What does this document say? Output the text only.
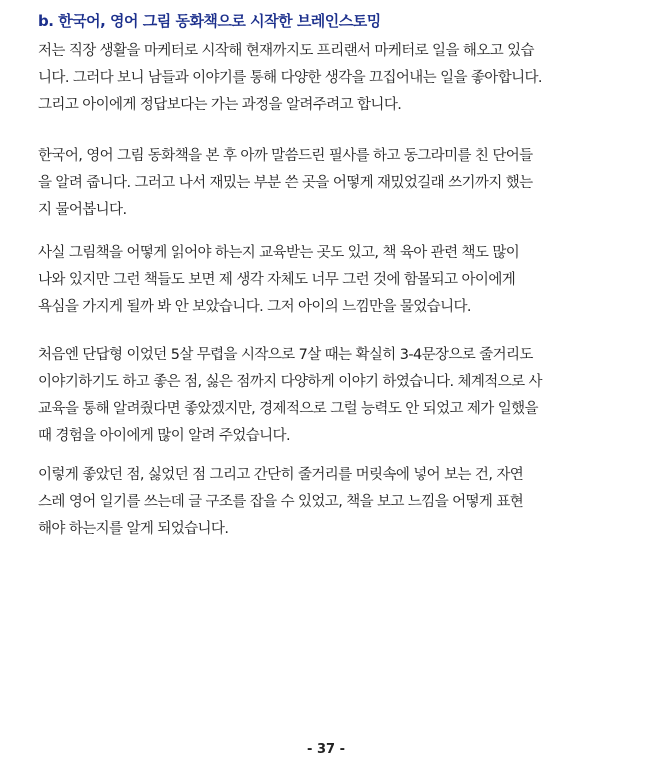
b. 한국어, 영어 그림 동화책으로 시작한 브레인스토밍
저는 직장 생활을 마케터로 시작해 현재까지도 프리랜서 마케터로 일을 해오고 있습
니다. 그러다 보니 남들과 이야기를 통해 다양한 생각을 끄집어내는 일을 좋아합니다.
그리고 아이에게 정답보다는 가는 과정을 알려주려고 합니다.
한국어, 영어 그림 동화책을 본 후 아까 말씀드린 필사를 하고 동그라미를 친 단어들
을 알려 줍니다. 그러고 나서 재밌는 부분 쓴 곳을 어떻게 재밌었길래 쓰기까지 했는
지 물어봅니다.
사실 그림책을 어떻게 읽어야 하는지 교육받는 곳도 있고, 책 육아 관련 책도 많이
나와 있지만 그런 책들도 보면 제 생각 자체도 너무 그런 것에 함몰되고 아이에게
욕심을 가지게 될까 봐 안 보았습니다. 그저 아이의 느낌만을 물었습니다.
처음엔 단답형 이었던 5살 무렵을 시작으로 7살 때는 확실히 3-4문장으로 줄거리도
이야기하기도 하고 좋은 점, 싫은 점까지 다양하게 이야기 하였습니다. 체계적으로 사
교육을 통해 알려줬다면 좋았겠지만, 경제적으로 그럴 능력도 안 되었고 제가 일했을
때 경험을 아이에게 많이 알려 주었습니다.
이렇게 좋았던 점, 싫었던 점 그리고 간단히 줄거리를 머릿속에 넣어 보는 건, 자연
스레 영어 일기를 쓰는데 글 구조를 잡을 수 있었고, 책을 보고 느낌을 어떻게 표현
해야 하는지를 알게 되었습니다.
- 37 -
